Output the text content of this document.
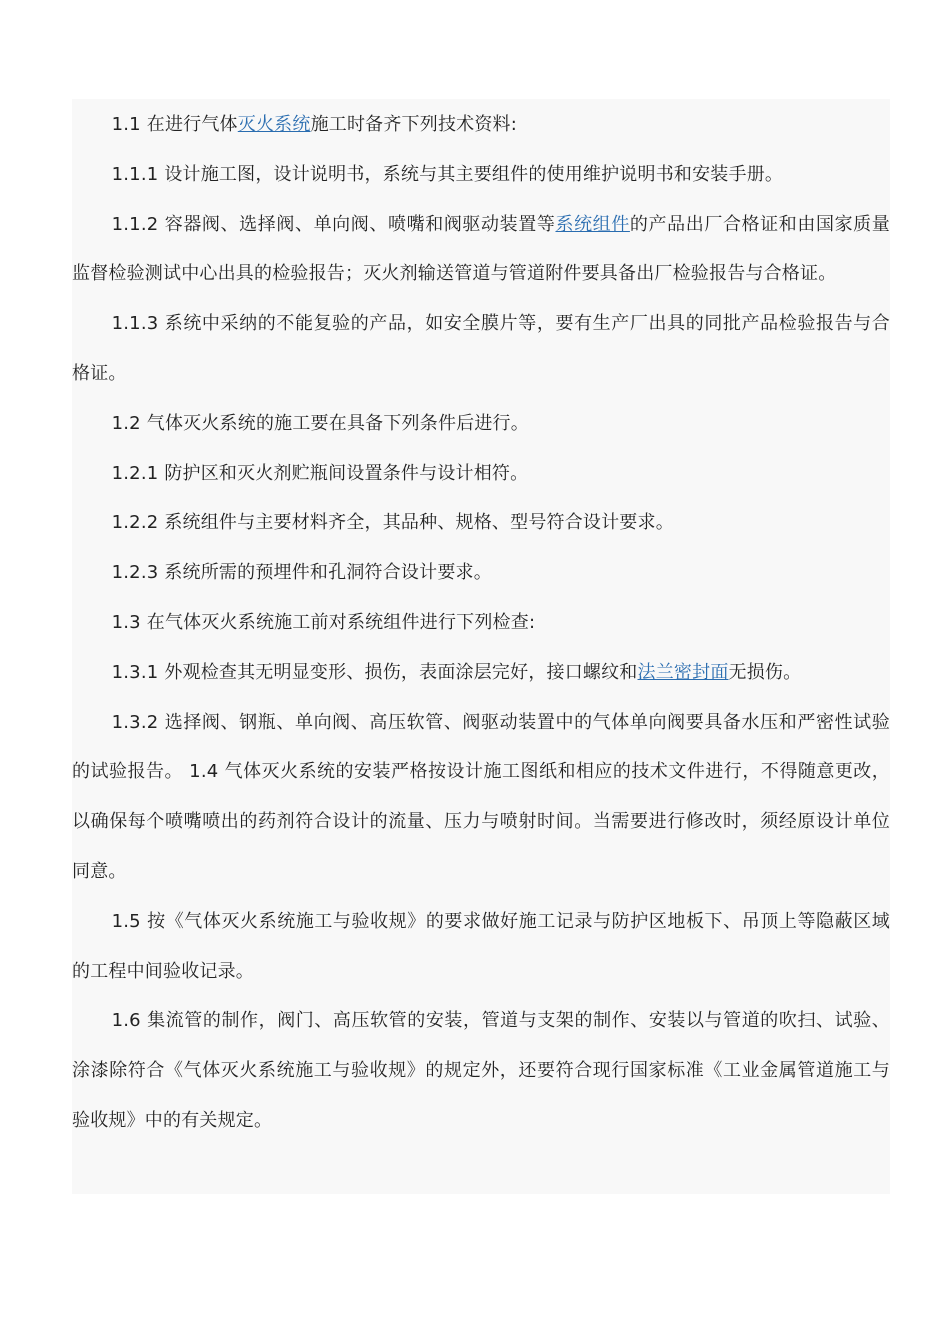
1.1 在进行气体灭火系统施工时备齐下列技术资料:

1.1.1 设计施工图，设计说明书，系统与其主要组件的使用维护说明书和安装手册。

1.1.2 容器阀、选择阀、单向阀、喷嘴和阀驱动装置等系统组件的产品出厂合格证和由国家质量监督检验测试中心出具的检验报告；灭火剂输送管道与管道附件要具备出厂检验报告与合格证。

1.1.3 系统中采纳的不能复验的产品，如安全膜片等，要有生产厂出具的同批产品检验报告与合格证。

1.2 气体灭火系统的施工要在具备下列条件后进行。

1.2.1 防护区和灭火剂贮瓶间设置条件与设计相符。

1.2.2 系统组件与主要材料齐全，其品种、规格、型号符合设计要求。

1.2.3 系统所需的预埋件和孔洞符合设计要求。

1.3 在气体灭火系统施工前对系统组件进行下列检查:

1.3.1 外观检查其无明显变形、损伤，表面涂层完好，接口螺纹和法兰密封面无损伤。

1.3.2 选择阀、钢瓶、单向阀、高压软管、阀驱动装置中的气体单向阀要具备水压和严密性试验的试验报告。 1.4 气体灭火系统的安装严格按设计施工图纸和相应的技术文件进行，不得随意更改，以确保每个喷嘴喷出的药剂符合设计的流量、压力与喷射时间。当需要进行修改时，须经原设计单位同意。

1.5 按《气体灭火系统施工与验收规》的要求做好施工记录与防护区地板下、吊顶上等隐蔽区域的工程中间验收记录。

1.6 集流管的制作，阀门、高压软管的安装，管道与支架的制作、安装以与管道的吹扫、试验、涂漆除符合《气体灭火系统施工与验收规》的规定外，还要符合现行国家标准《工业金属管道施工与验收规》中的有关规定。
